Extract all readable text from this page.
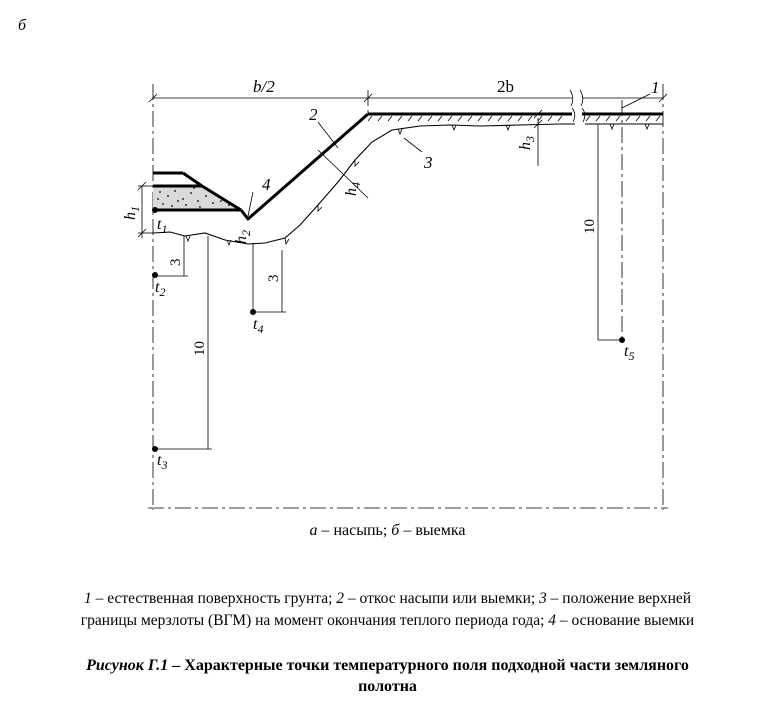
б
b/2	2b	1
2
3
4
$h_3$
$h_4$
$h_1$
$h_2$
3
10
3
10
$t_1$
$t_2$
$t_3$
$t_4$
$t_5$
а – насыпь; б – выемка
1 – естественная поверхность грунта; 2 – откос насыпи или выемки; 3 – положение верхней
границы мерзлоты (ВГМ) на момент окончания теплого периода года; 4 – основание выемки
Рисунок Г.1 – Характерные точки температурного поля подходной части земляного
полотна
